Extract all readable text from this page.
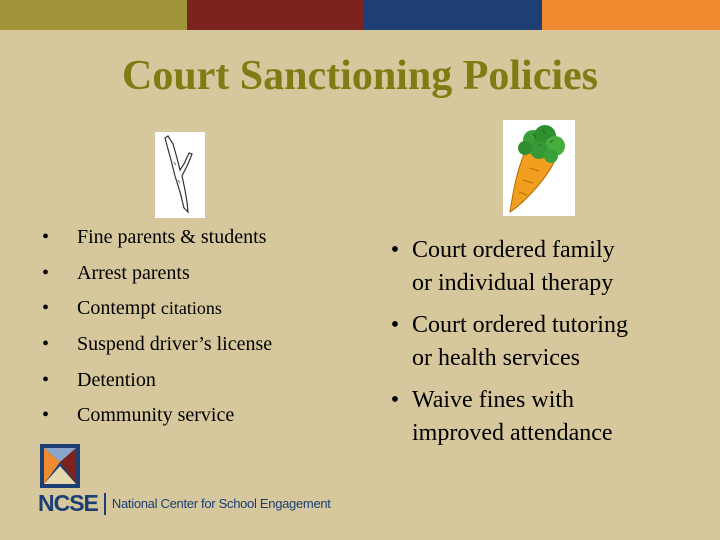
Court Sanctioning Policies
•	Fine parents & students
•	Arrest parents
•	Contempt citations
•	Suspend driver’s license
•	Detention
•	Community service
• Court ordered family
or individual therapy
• Court ordered tutoring
or health services
• Waive fines with
improved attendance
NCSE National Center for School Engagement
